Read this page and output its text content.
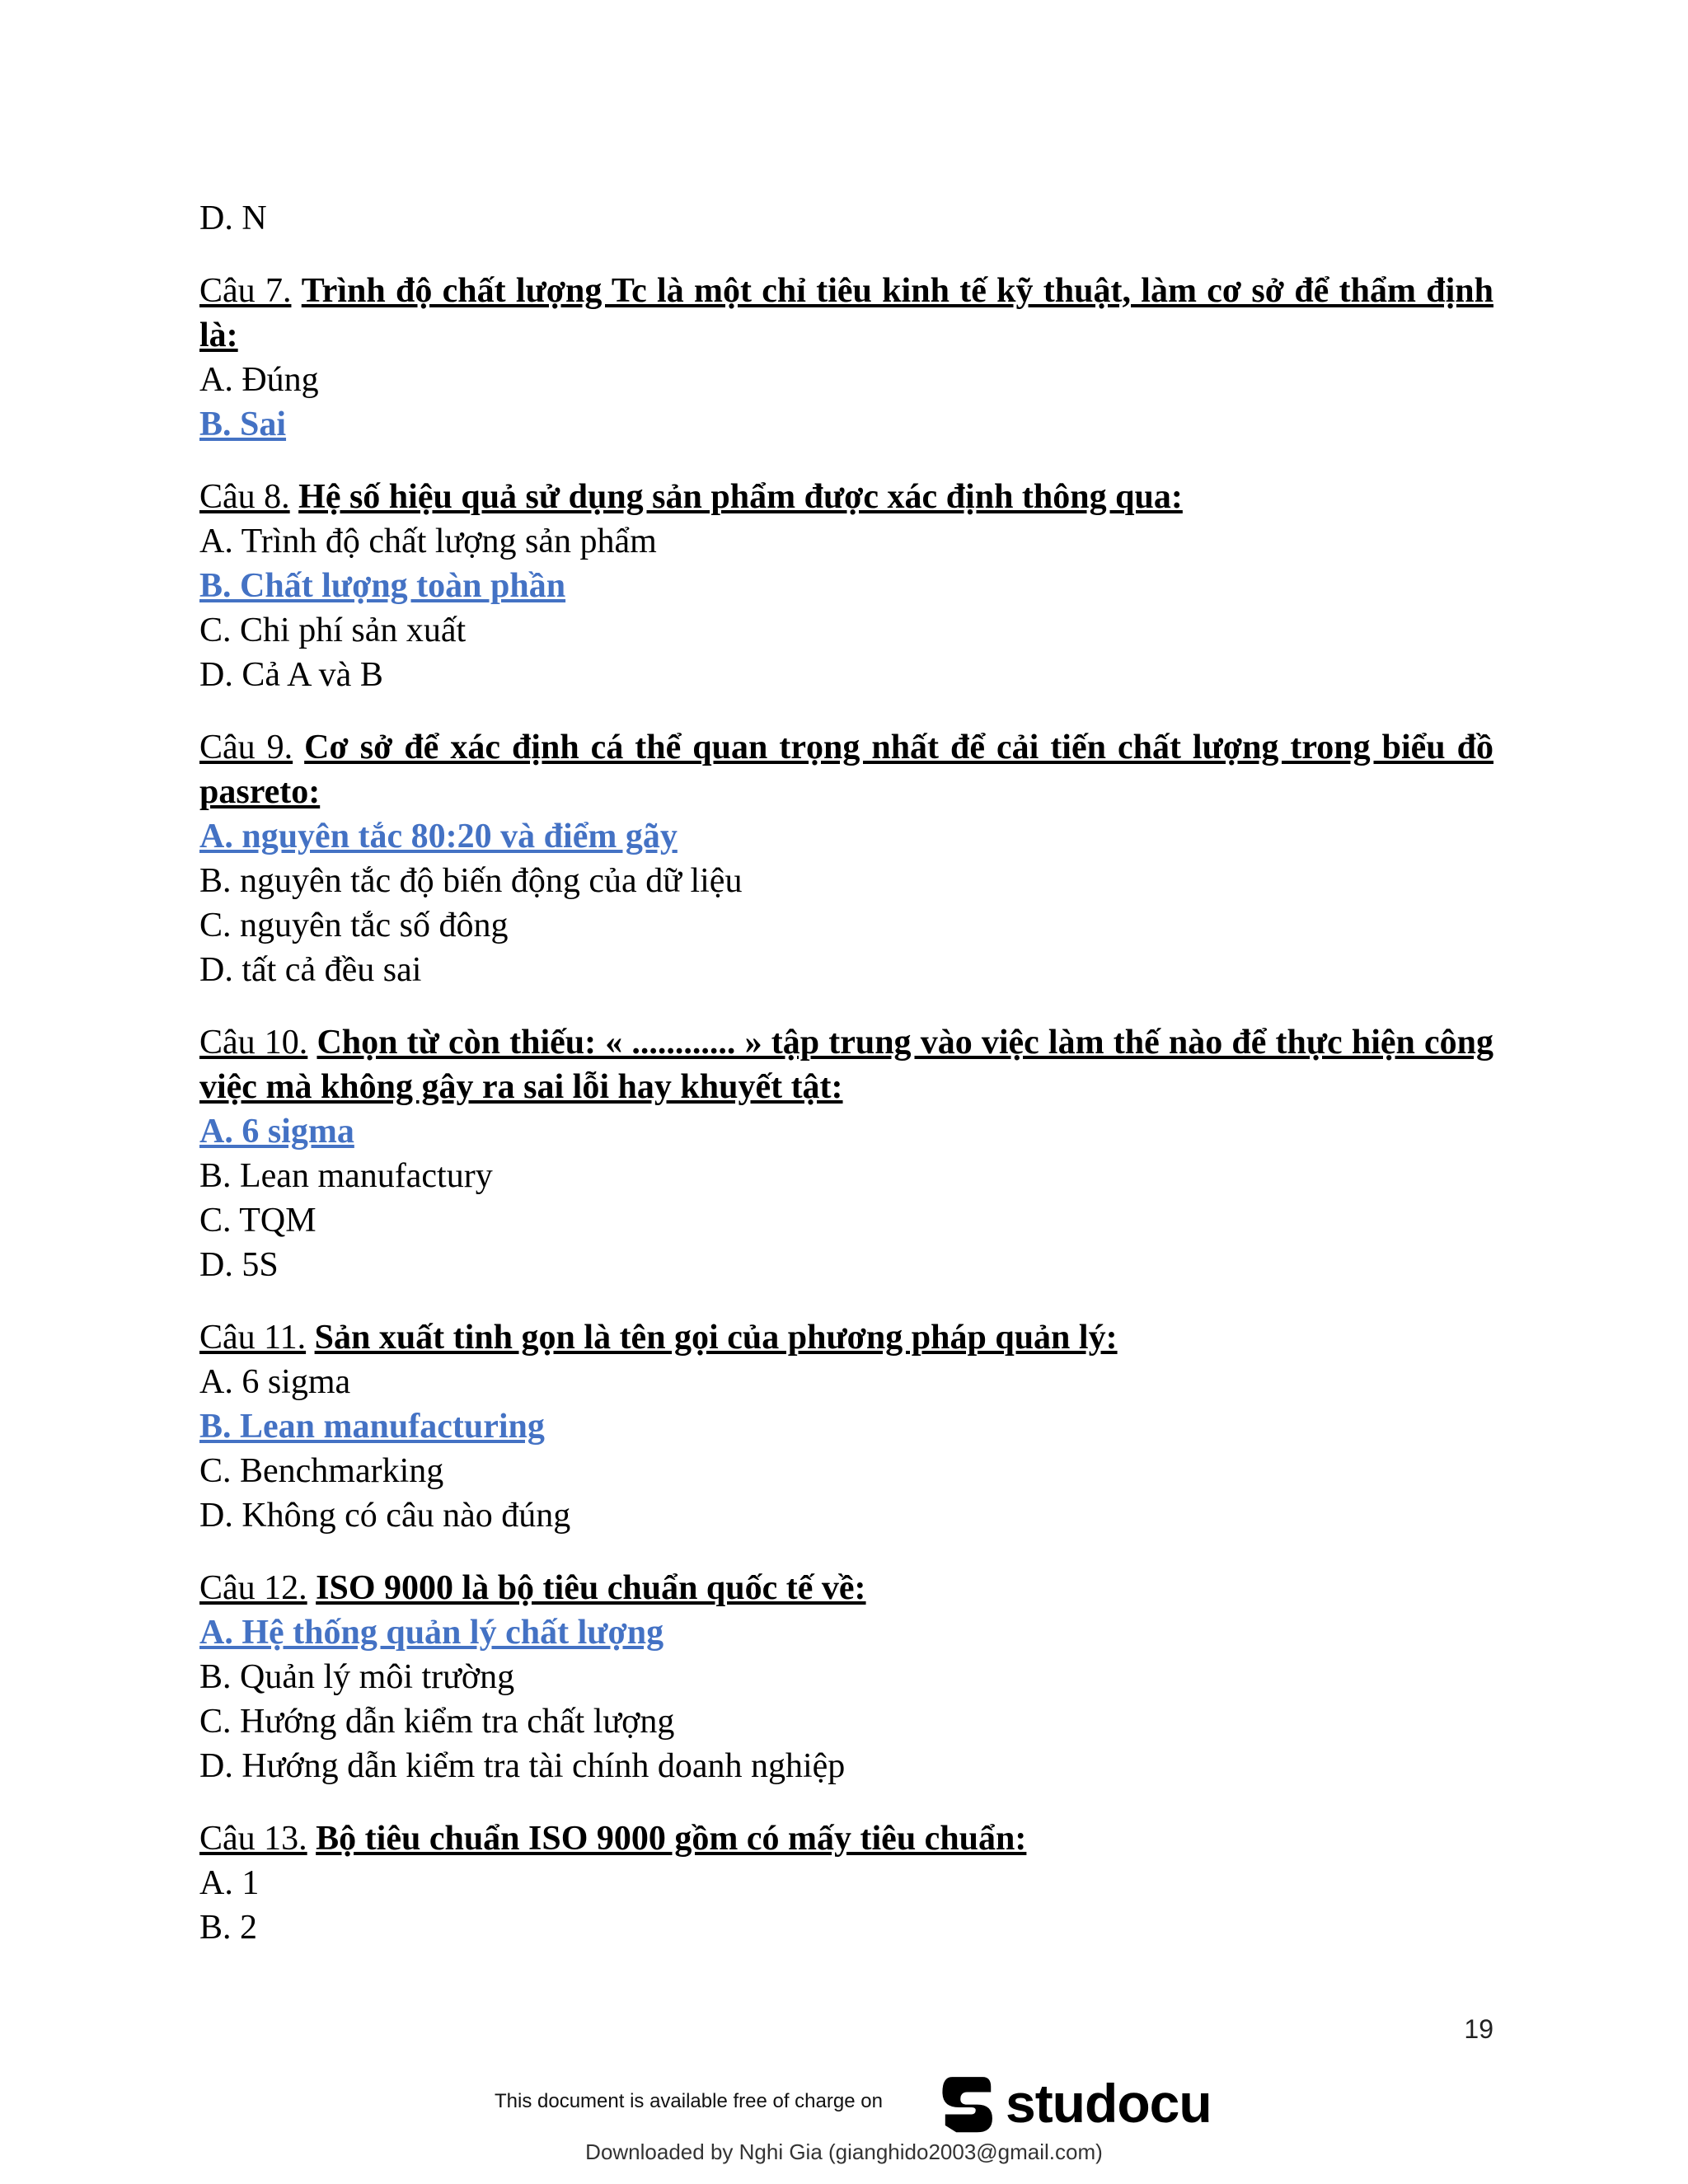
D. N
Câu 7. Trình độ chất lượng Tc là một chỉ tiêu kinh tế kỹ thuật, làm cơ sở để thẩm định là:
A. Đúng
B. Sai
Câu 8. Hệ số hiệu quả sử dụng sản phẩm được xác định thông qua:
A. Trình độ chất lượng sản phẩm
B. Chất lượng toàn phần
C. Chi phí sản xuất
D. Cả A và B
Câu 9. Cơ sở để xác định cá thể quan trọng nhất để cải tiến chất lượng trong biểu đồ pasreto:
A. nguyên tắc 80:20 và điểm gãy
B. nguyên tắc độ biến động của dữ liệu
C. nguyên tắc số đông
D. tất cả đều sai
Câu 10. Chọn từ còn thiếu: « ............ » tập trung vào việc làm thế nào để thực hiện công việc mà không gây ra sai lỗi hay khuyết tật:
A. 6 sigma
B. Lean manufactury
C. TQM
D. 5S
Câu 11. Sản xuất tinh gọn là tên gọi của phương pháp quản lý:
A. 6 sigma
B. Lean manufacturing
C. Benchmarking
D. Không có câu nào đúng
Câu 12. ISO 9000 là bộ tiêu chuẩn quốc tế về:
A. Hệ thống quản lý chất lượng
B. Quản lý môi trường
C. Hướng dẫn kiểm tra chất lượng
D. Hướng dẫn kiểm tra tài chính doanh nghiệp
Câu 13. Bộ tiêu chuẩn ISO 9000 gồm có mấy tiêu chuẩn:
A. 1
B. 2
19
This document is available free of charge on studocu
Downloaded by Nghi Gia (gianghido2003@gmail.com)
